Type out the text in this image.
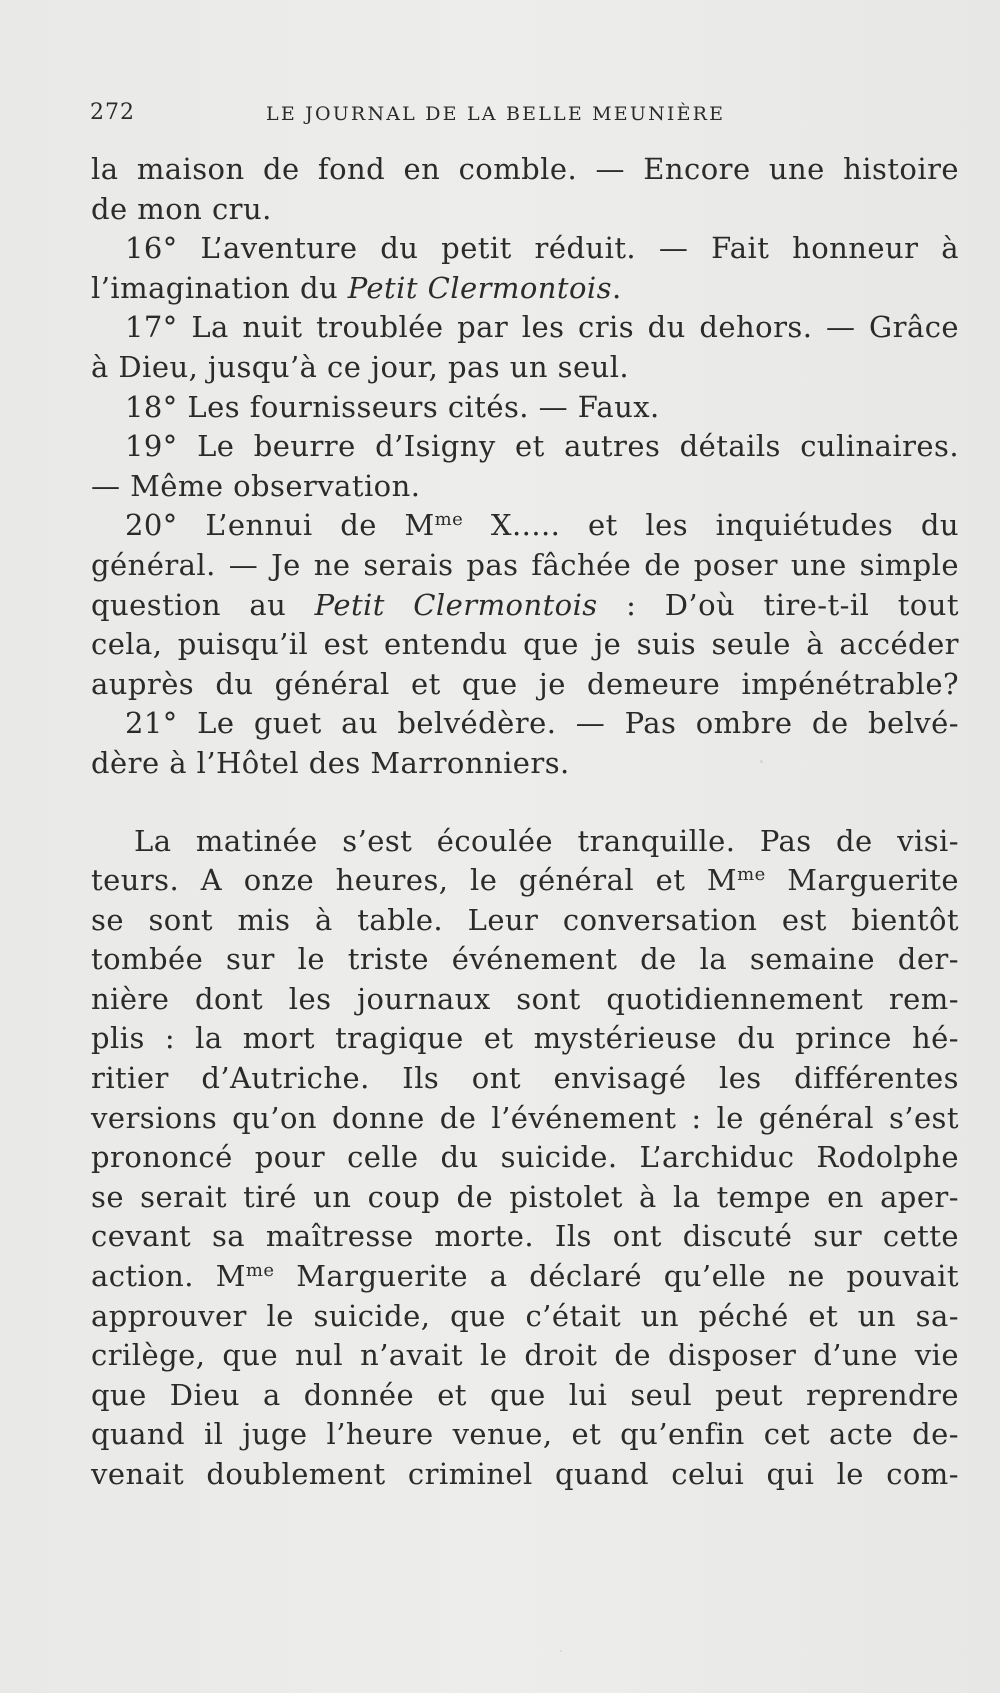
272	LE JOURNAL DE LA BELLE MEUNIÈRE
la maison de fond en comble. — Encore une histoire
de mon cru.
16° L’aventure du petit réduit. — Fait honneur à
l’imagination du Petit Clermontois.
17° La nuit troublée par les cris du dehors. — Grâce
à Dieu, jusqu’à ce jour, pas un seul.
18° Les fournisseurs cités. — Faux.
19° Le beurre d’Isigny et autres détails culinaires.
— Même observation.
20° L’ennui de $M^{me}$ X..... et les inquiétudes du
général. — Je ne serais pas fâchée de poser une simple
question au Petit Clermontois : D’où tire-t-il tout
cela, puisqu’il est entendu que je suis seule à accéder
auprès du général et que je demeure impénétrable?
21° Le guet au belvédère. — Pas ombre de belvé-
dère à l’Hôtel des Marronniers.
La matinée s’est écoulée tranquille. Pas de visi-
teurs. A onze heures, le général et $M^{me}$ Marguerite
se sont mis à table. Leur conversation est bientôt
tombée sur le triste événement de la semaine der-
nière dont les journaux sont quotidiennement rem-
plis : la mort tragique et mystérieuse du prince hé-
ritier d’Autriche. Ils ont envisagé les différentes
versions qu’on donne de l’événement : le général s’est
prononcé pour celle du suicide. L’archiduc Rodolphe
se serait tiré un coup de pistolet à la tempe en aper-
cevant sa maîtresse morte. Ils ont discuté sur cette
action. $M^{me}$ Marguerite a déclaré qu’elle ne pouvait
approuver le suicide, que c’était un péché et un sa-
crilège, que nul n’avait le droit de disposer d’une vie
que Dieu a donnée et que lui seul peut reprendre
quand il juge l’heure venue, et qu’enfin cet acte de-
venait doublement criminel quand celui qui le com-
